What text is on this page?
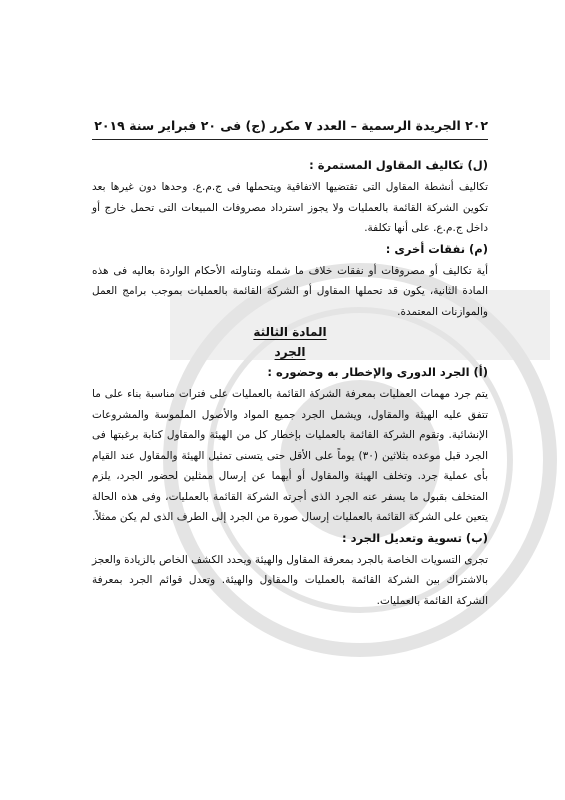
٢٠٢ الجريدة الرسمية – العدد ٧ مكرر (ج) فى ٢٠ فبراير سنة ٢٠١٩
(ل) تكاليف المقاول المستمرة :

تكاليف أنشطة المقاول التى تقتضيها الاتفاقية ويتحملها فى ج.م.ع. وحدها دون غيرها بعد تكوين الشركة القائمة بالعمليات ولا يجوز استرداد مصروفات المبيعات التى تحمل خارج أو داخل ج.م.ع. على أنها تكلفة.

(م) نفقات أخرى :

أية تكاليف أو مصروفات أو نفقات خلاف ما شمله وتناولته الأحكام الواردة بعاليه فى هذه المادة الثانية، يكون قد تحملها المقاول أو الشركة القائمة بالعمليات بموجب برامج العمل والموازنات المعتمدة.

المادة الثالثة
الجرد
(أ) الجرد الدورى والإخطار به وحضوره :

يتم جرد مهمات العمليات بمعرفة الشركة القائمة بالعمليات على فترات مناسبة بناء على ما تتفق عليه الهيئة والمقاول، ويشمل الجرد جميع المواد والأصول الملموسة والمشروعات الإنشائية. وتقوم الشركة القائمة بالعمليات بإخطار كل من الهيئة والمقاول كتابة برغبتها فى الجرد قبل موعده بثلاثين (٣٠) يوماً على الأقل حتى يتسنى تمثيل الهيئة والمقاول عند القيام بأى عملية جرد. وتخلف الهيئة والمقاول أو أيهما عن إرسال ممثلين لحضور الجرد، يلزم المتخلف بقبول ما يسفر عنه الجرد الذى أجرته الشركة القائمة بالعمليات، وفى هذه الحالة يتعين على الشركة القائمة بالعمليات إرسال صورة من الجرد إلى الطرف الذى لم يكن ممثلاً.

(ب) تسوية وتعديل الجرد :

تجرى التسويات الخاصة بالجرد بمعرفة المقاول والهيئة ويحدد الكشف الخاص بالزيادة والعجز بالاشتراك بين الشركة القائمة بالعمليات والمقاول والهيئة. وتعدل قوائم الجرد بمعرفة الشركة القائمة بالعمليات.
